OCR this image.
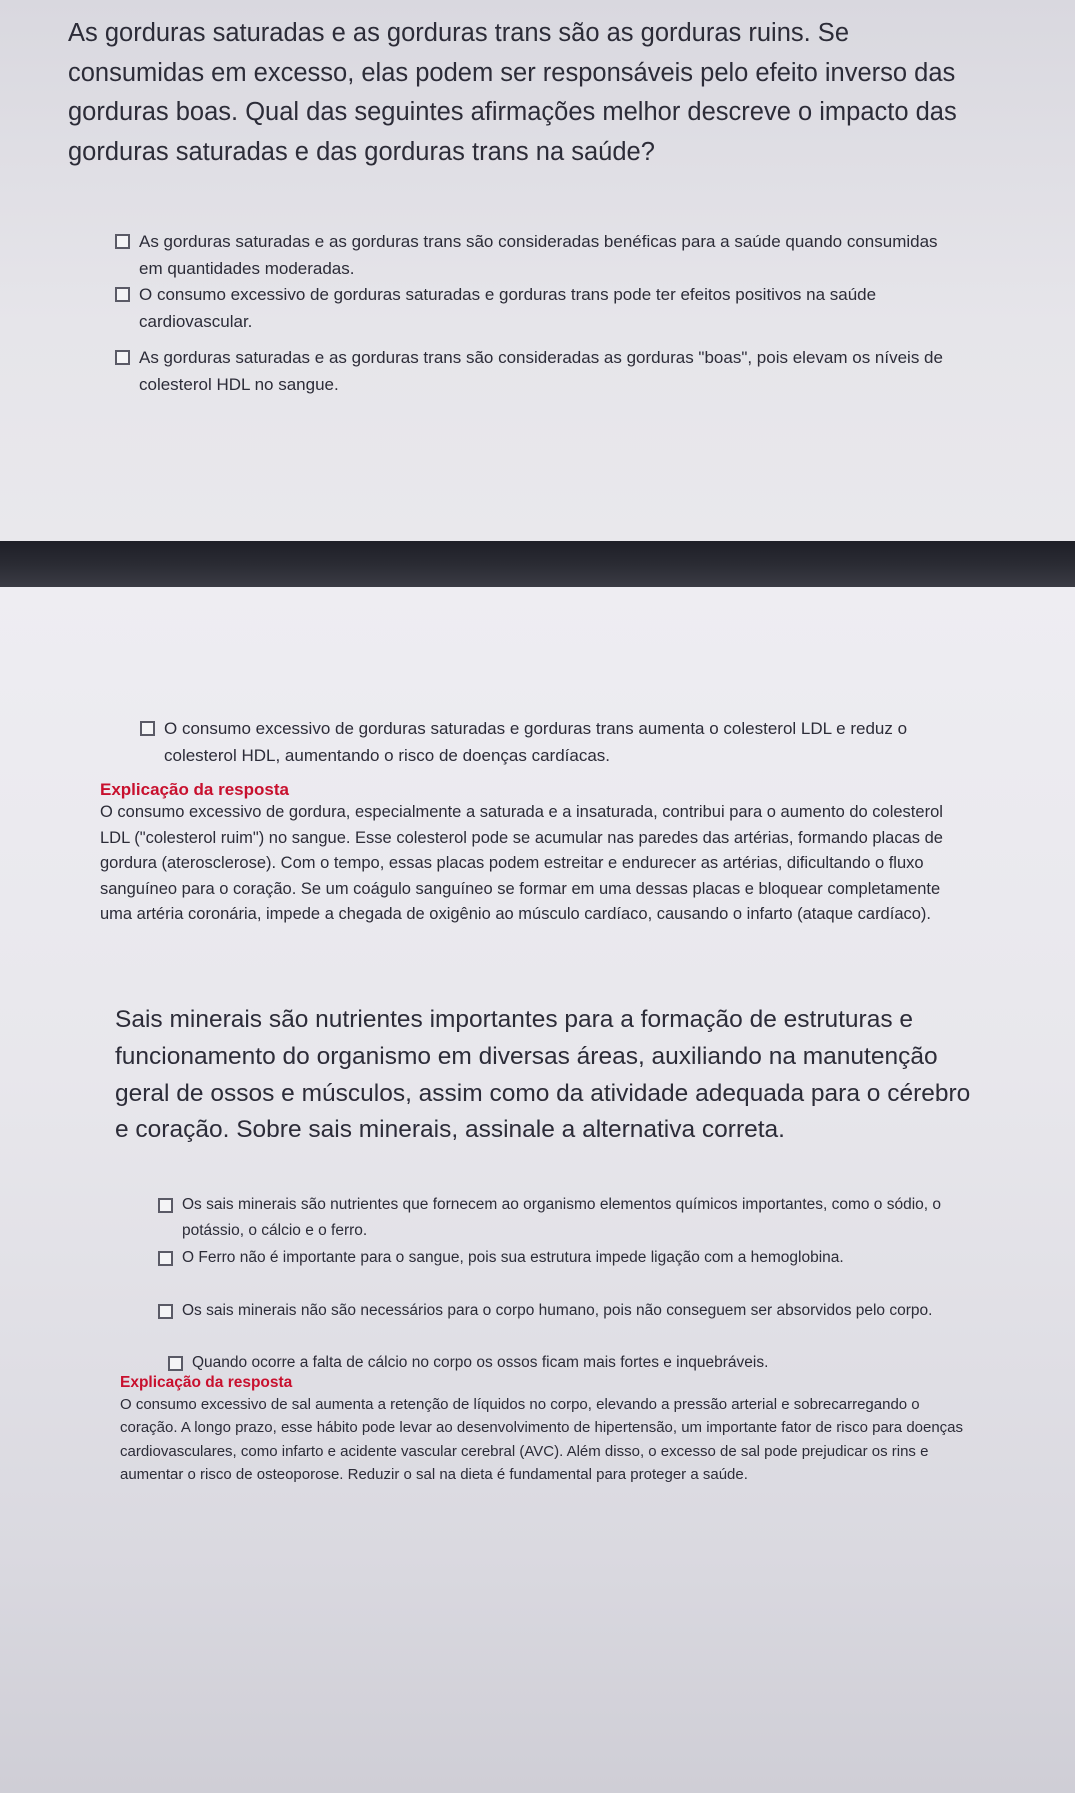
As gorduras saturadas e as gorduras trans são as gorduras ruins. Se consumidas em excesso, elas podem ser responsáveis pelo efeito inverso das gorduras boas. Qual das seguintes afirmações melhor descreve o impacto das gorduras saturadas e das gorduras trans na saúde?
As gorduras saturadas e as gorduras trans são consideradas benéficas para a saúde quando consumidas em quantidades moderadas.
O consumo excessivo de gorduras saturadas e gorduras trans pode ter efeitos positivos na saúde cardiovascular.
As gorduras saturadas e as gorduras trans são consideradas as gorduras "boas", pois elevam os níveis de colesterol HDL no sangue.
O consumo excessivo de gorduras saturadas e gorduras trans aumenta o colesterol LDL e reduz o colesterol HDL, aumentando o risco de doenças cardíacas.
Explicação da resposta
O consumo excessivo de gordura, especialmente a saturada e a insaturada, contribui para o aumento do colesterol LDL ("colesterol ruim") no sangue. Esse colesterol pode se acumular nas paredes das artérias, formando placas de gordura (aterosclerose). Com o tempo, essas placas podem estreitar e endurecer as artérias, dificultando o fluxo sanguíneo para o coração. Se um coágulo sanguíneo se formar em uma dessas placas e bloquear completamente uma artéria coronária, impede a chegada de oxigênio ao músculo cardíaco, causando o infarto (ataque cardíaco).
Sais minerais são nutrientes importantes para a formação de estruturas e funcionamento do organismo em diversas áreas, auxiliando na manutenção geral de ossos e músculos, assim como da atividade adequada para o cérebro e coração. Sobre sais minerais, assinale a alternativa correta.
Os sais minerais são nutrientes que fornecem ao organismo elementos químicos importantes, como o sódio, o potássio, o cálcio e o ferro.
O Ferro não é importante para o sangue, pois sua estrutura impede ligação com a hemoglobina.
Os sais minerais não são necessários para o corpo humano, pois não conseguem ser absorvidos pelo corpo.
Quando ocorre a falta de cálcio no corpo os ossos ficam mais fortes e inquebráveis.
Explicação da resposta
O consumo excessivo de sal aumenta a retenção de líquidos no corpo, elevando a pressão arterial e sobrecarregando o coração. A longo prazo, esse hábito pode levar ao desenvolvimento de hipertensão, um importante fator de risco para doenças cardiovasculares, como infarto e acidente vascular cerebral (AVC). Além disso, o excesso de sal pode prejudicar os rins e aumentar o risco de osteoporose. Reduzir o sal na dieta é fundamental para proteger a saúde.
